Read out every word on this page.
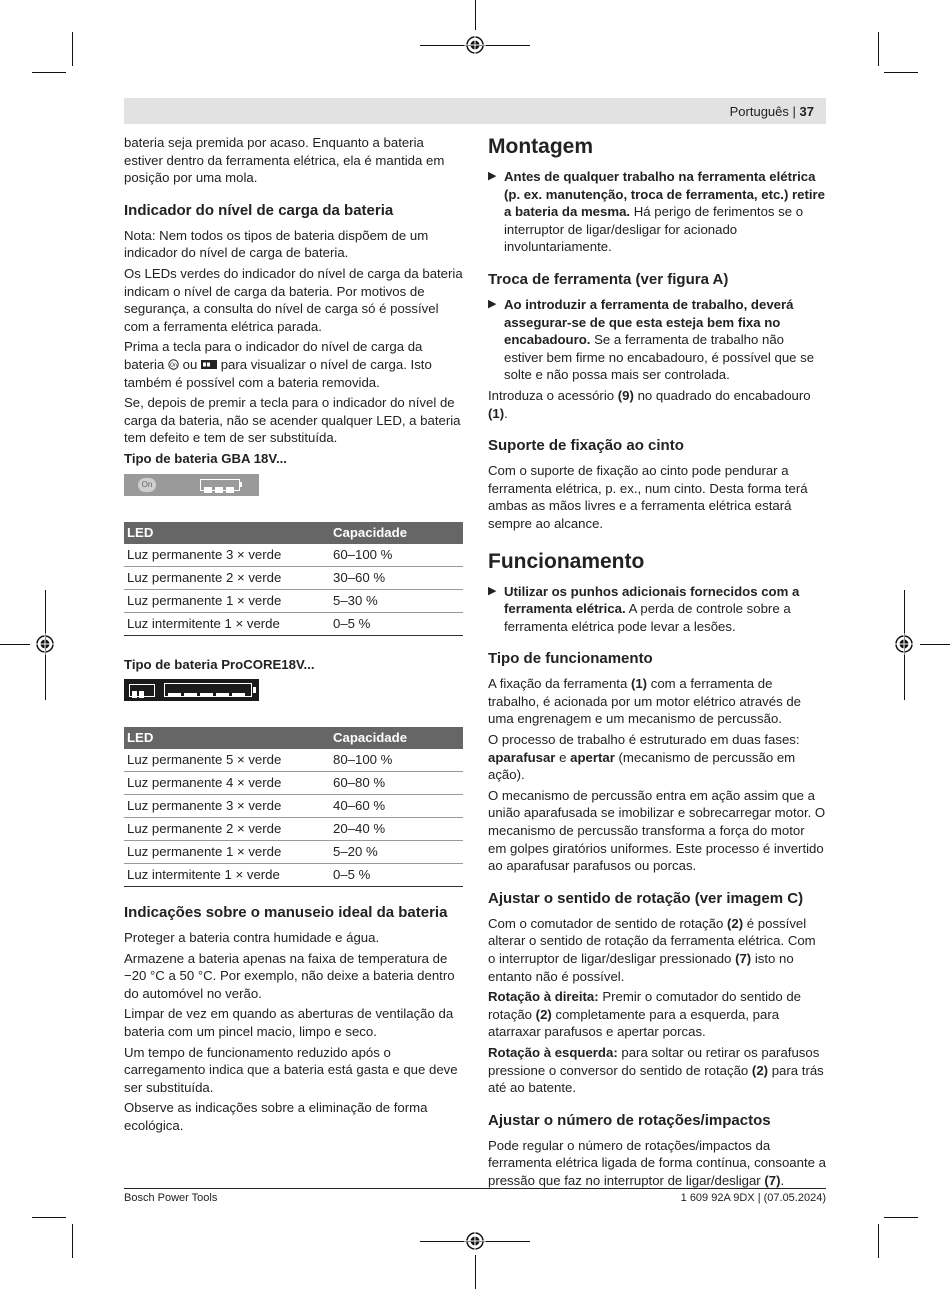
Português | 37

bateria seja premida por acaso. Enquanto a bateria estiver dentro da ferramenta elétrica, ela é mantida em posição por uma mola.

Indicador do nível de carga da bateria

Nota: Nem todos os tipos de bateria dispõem de um indicador do nível de carga de bateria.

Os LEDs verdes do indicador do nível de carga da bateria indicam o nível de carga da bateria. Por motivos de segurança, a consulta do nível de carga só é possível com a ferramenta elétrica parada.

Prima a tecla para o indicador do nível de carga da bateria On ou para visualizar o nível de carga. Isto também é possível com a bateria removida.

Se, depois de premir a tecla para o indicador do nível de carga da bateria, não se acender qualquer LED, a bateria tem defeito e tem de ser substituída.

Tipo de bateria GBA 18V...

On
LED	Capacidade
Luz permanente 3 × verde	60–100 %
Luz permanente 2 × verde	30–60 %
Luz permanente 1 × verde	5–30 %
Luz intermitente 1 × verde	0–5 %

Tipo de bateria ProCORE18V...

LED	Capacidade
Luz permanente 5 × verde	80–100 %
Luz permanente 4 × verde	60–80 %
Luz permanente 3 × verde	40–60 %
Luz permanente 2 × verde	20–40 %
Luz permanente 1 × verde	5–20 %
Luz intermitente 1 × verde	0–5 %
Indicações sobre o manuseio ideal da bateria

Proteger a bateria contra humidade e água.

Armazene a bateria apenas na faixa de temperatura de −20 °C a 50 °C. Por exemplo, não deixe a bateria dentro do automóvel no verão.

Limpar de vez em quando as aberturas de ventilação da bateria com um pincel macio, limpo e seco.

Um tempo de funcionamento reduzido após o carregamento indica que a bateria está gasta e que deve ser substituída.

Observe as indicações sobre a eliminação de forma ecológica.

Montagem

▶ Antes de qualquer trabalho na ferramenta elétrica (p. ex. manutenção, troca de ferramenta, etc.) retire a bateria da mesma. Há perigo de ferimentos se o interruptor de ligar/desligar for acionado involuntariamente.

Troca de ferramenta (ver figura A)

▶ Ao introduzir a ferramenta de trabalho, deverá assegurar-se de que esta esteja bem fixa no encabadouro. Se a ferramenta de trabalho não estiver bem firme no encabadouro, é possível que se solte e não possa mais ser controlada.

Introduza o acessório (9) no quadrado do encabadouro (1).

Suporte de fixação ao cinto

Com o suporte de fixação ao cinto pode pendurar a ferramenta elétrica, p. ex., num cinto. Desta forma terá ambas as mãos livres e a ferramenta elétrica estará sempre ao alcance.

Funcionamento

▶ Utilizar os punhos adicionais fornecidos com a ferramenta elétrica. A perda de controle sobre a ferramenta elétrica pode levar a lesões.

Tipo de funcionamento

A fixação da ferramenta (1) com a ferramenta de trabalho, é acionada por um motor elétrico através de uma engrenagem e um mecanismo de percussão.

O processo de trabalho é estruturado em duas fases: aparafusar e apertar (mecanismo de percussão em ação).

O mecanismo de percussão entra em ação assim que a união aparafusada se imobilizar e sobrecarregar motor. O mecanismo de percussão transforma a força do motor em golpes giratórios uniformes. Este processo é invertido ao aparafusar parafusos ou porcas.

Ajustar o sentido de rotação (ver imagem C)

Com o comutador de sentido de rotação (2) é possível alterar o sentido de rotação da ferramenta elétrica. Com o interruptor de ligar/desligar pressionado (7) isto no entanto não é possível.

Rotação à direita: Premir o comutador do sentido de rotação (2) completamente para a esquerda, para atarraxar parafusos e apertar porcas.

Rotação à esquerda: para soltar ou retirar os parafusos pressione o conversor do sentido de rotação (2) para trás até ao batente.

Ajustar o número de rotações/impactos

Pode regular o número de rotações/impactos da ferramenta elétrica ligada de forma contínua, consoante a pressão que faz no interruptor de ligar/desligar (7).

Bosch Power Tools	1 609 92A 9DX | (07.05.2024)
